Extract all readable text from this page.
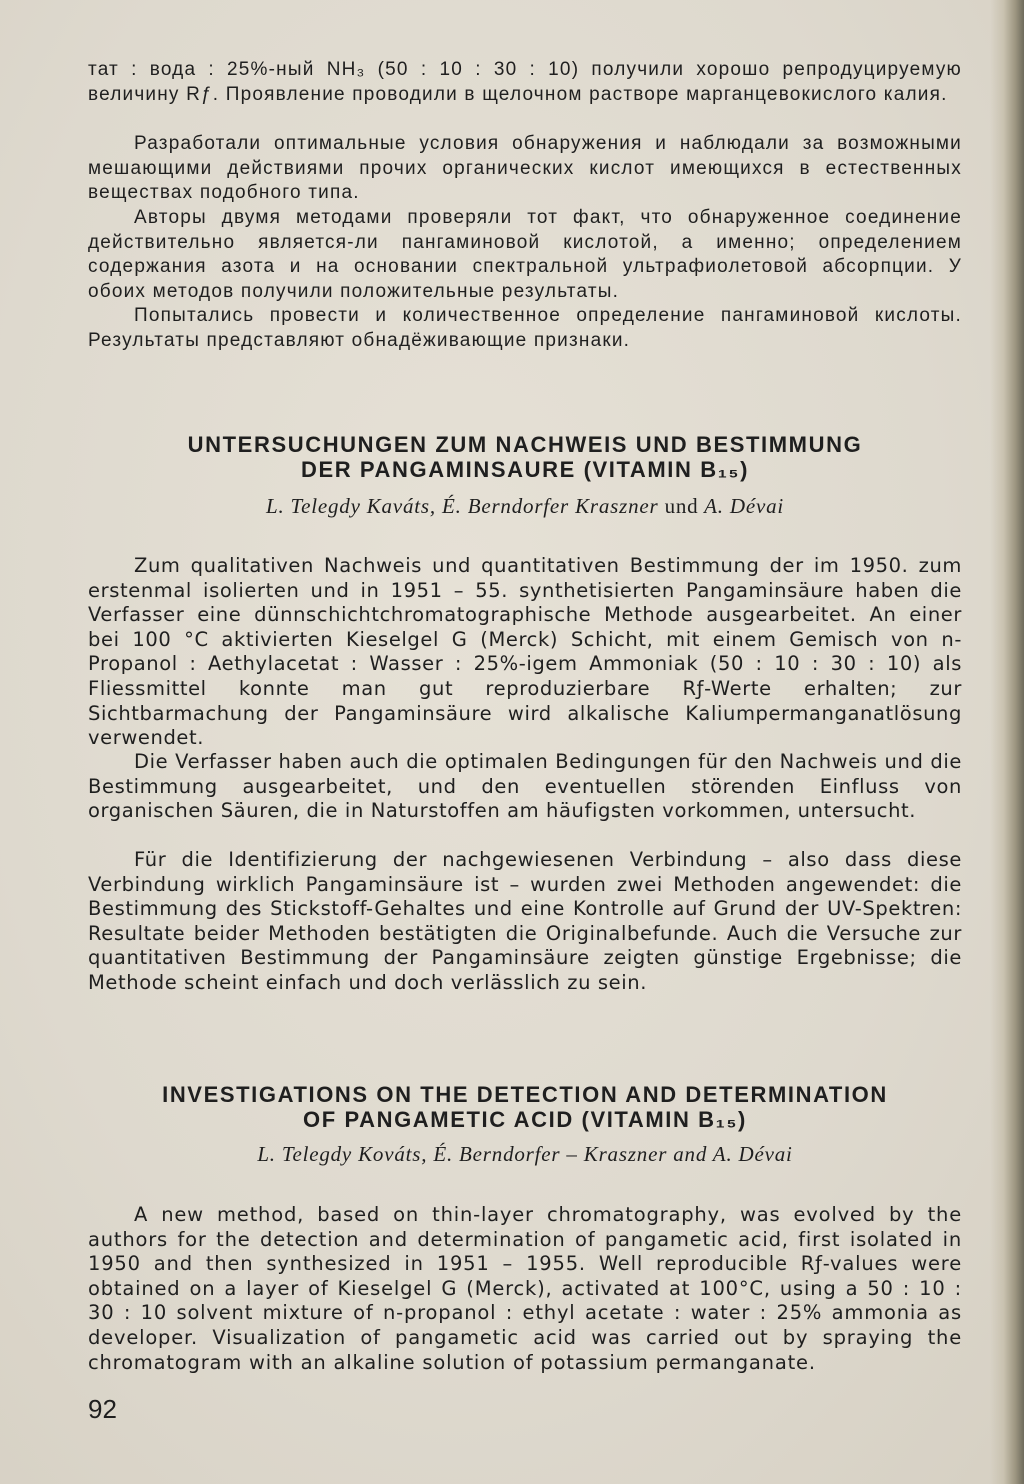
тат : вода : 25%-ный NH₃ (50 : 10 : 30 : 10) получили хорошо репродуцируемую величину Rƒ. Проявление проводили в щелочном растворе марганцевокислого калия.

Разработали оптимальные условия обнаружения и наблюдали за возможными мешающими действиями прочих органических кислот имеющихся в естественных веществах подобного типа.

Авторы двумя методами проверяли тот факт, что обнаруженное соединение действительно является-ли пангаминовой кислотой, а именно; определением содержания азота и на основании спектральной ультрафиолетовой абсорпции. У обоих методов получили положительные результаты.

Попытались провести и количественное определение пангаминовой кислоты. Результаты представляют обнадёживающие признаки.

UNTERSUCHUNGEN ZUM NACHWEIS UND BESTIMMUNG
DER PANGAMINSAURE (VITAMIN B₁₅)

L. Telegdy Kaváts, É. Berndorfer Kraszner und A. Dévai

Zum qualitativen Nachweis und quantitativen Bestimmung der im 1950. zum erstenmal isolierten und in 1951 – 55. synthetisierten Pangaminsäure haben die Verfasser eine dünnschichtchromatographische Methode ausgearbeitet. An einer bei 100 °C aktivierten Kieselgel G (Merck) Schicht, mit einem Gemisch von n-Propanol : Aethylacetat : Wasser : 25%-igem Ammoniak (50 : 10 : 30 : 10) als Fliessmittel konnte man gut reproduzierbare Rƒ-Werte erhalten; zur Sichtbarmachung der Pangaminsäure wird alkalische Kaliumpermanganatlösung verwendet.

Die Verfasser haben auch die optimalen Bedingungen für den Nachweis und die Bestimmung ausgearbeitet, und den eventuellen störenden Einfluss von organischen Säuren, die in Naturstoffen am häufigsten vorkommen, untersucht.

Für die Identifizierung der nachgewiesenen Verbindung – also dass diese Verbindung wirklich Pangaminsäure ist – wurden zwei Methoden angewendet: die Bestimmung des Stickstoff-Gehaltes und eine Kontrolle auf Grund der UV-Spektren: Resultate beider Methoden bestätigten die Originalbefunde. Auch die Versuche zur quantitativen Bestimmung der Pangaminsäure zeigten günstige Ergebnisse; die Methode scheint einfach und doch verlässlich zu sein.

INVESTIGATIONS ON THE DETECTION AND DETERMINATION
OF PANGAMETIC ACID (VITAMIN B₁₅)

L. Telegdy Kováts, É. Berndorfer – Kraszner and A. Dévai

A new method, based on thin-layer chromatography, was evolved by the authors for the detection and determination of pangametic acid, first isolated in 1950 and then synthesized in 1951 – 1955. Well reproducible Rƒ-values were obtained on a layer of Kieselgel G (Merck), activated at 100°C, using a 50 : 10 : 30 : 10 solvent mixture of n-propanol : ethyl acetate : water : 25% ammonia as developer. Visualization of pangametic acid was carried out by spraying the chromatogram with an alkaline solution of potassium permanganate.

92
